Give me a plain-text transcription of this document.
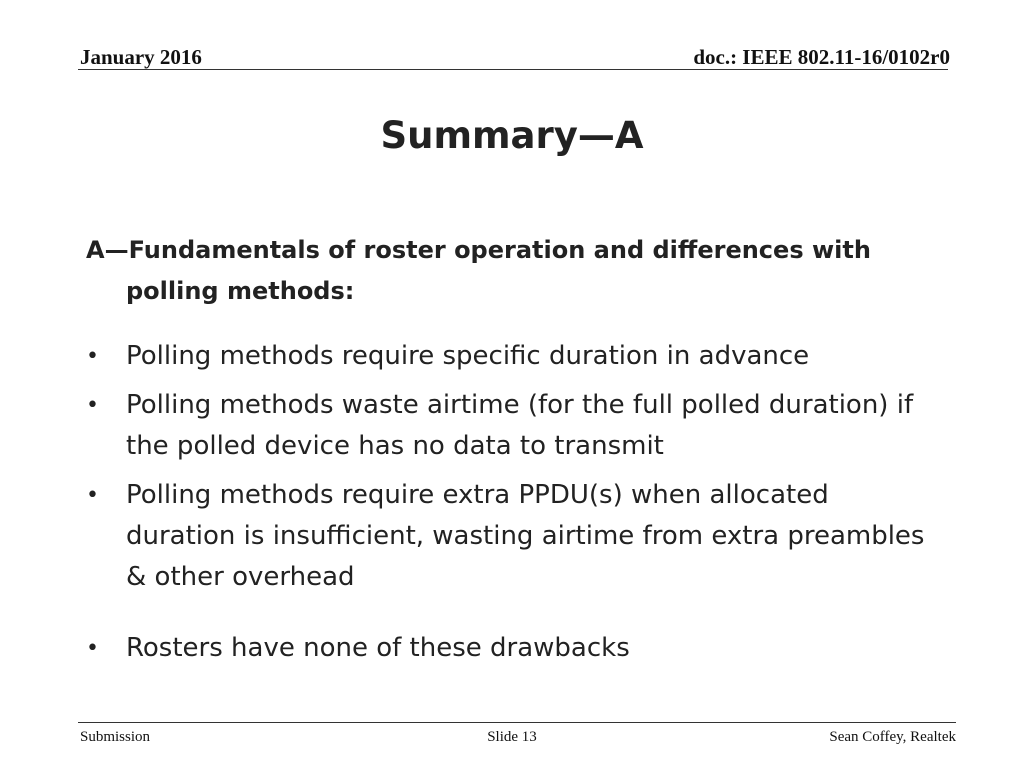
January 2016	doc.: IEEE 802.11-16/0102r0
Summary—A
A—Fundamentals of roster operation and differences with polling methods:
•	Polling methods require specific duration in advance
•	Polling methods waste airtime (for the full polled duration) if the polled device has no data to transmit
•	Polling methods require extra PPDU(s) when allocated duration is insufficient, wasting airtime from extra preambles & other overhead
•	Rosters have none of these drawbacks
Submission	Slide 13	Sean Coffey, Realtek
